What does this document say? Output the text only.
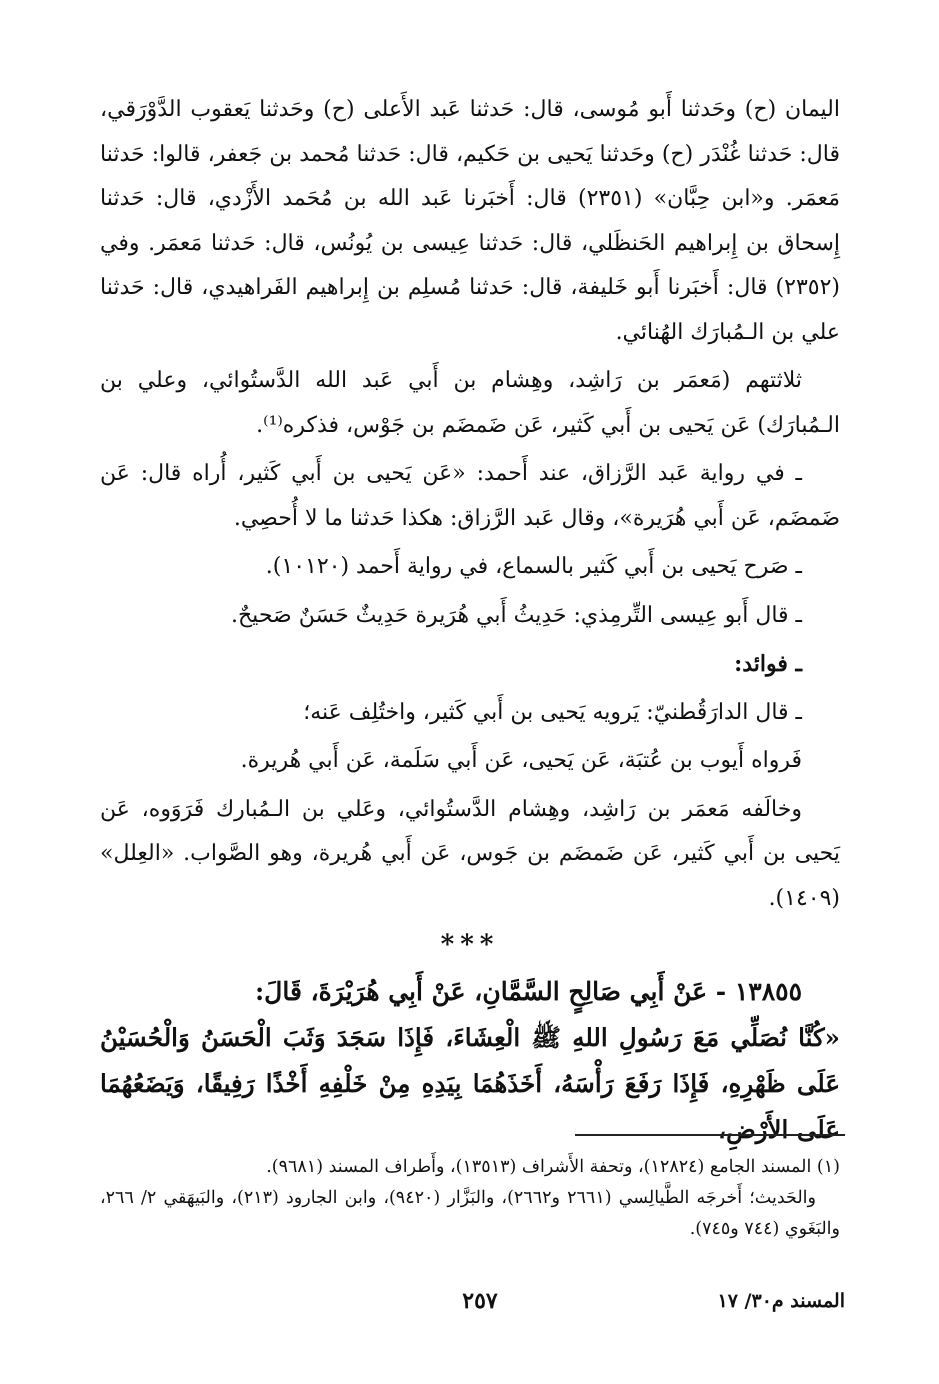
اليمان (ح) وحَدثنا أَبو مُوسى، قال: حَدثنا عَبد الأَعلى (ح) وحَدثنا يَعقوب الدَّوْرَقي، قال: حَدثنا غُنْدَر (ح) وحَدثنا يَحيى بن حَكيم، قال: حَدثنا مُحمد بن جَعفر، قالوا: حَدثنا مَعمَر. و«ابن حِبَّان» (٢٣٥١) قال: أَخبَرنا عَبد الله بن مُحَمد الأَزْدي، قال: حَدثنا إِسحاق بن إِبراهيم الحَنظَلي، قال: حَدثنا عِيسى بن يُونُس، قال: حَدثنا مَعمَر. وفي (٢٣٥٢) قال: أَخبَرنا أَبو خَليفة، قال: حَدثنا مُسلِم بن إِبراهيم الفَراهيدي، قال: حَدثنا علي بن الـمُبارَك الهُنائي.

ثلاثتهم (مَعمَر بن رَاشِد، وهِشام بن أَبي عَبد الله الدَّستُوائي، وعلي بن الـمُبارَك) عَن يَحيى بن أَبي كَثير، عَن ضَمضَم بن جَوْس، فذكره⁽¹⁾.

ـ في رواية عَبد الرَّزاق، عند أَحمد: «عَن يَحيى بن أَبي كَثير، أُراه قال: عَن ضَمضَم، عَن أَبي هُرَيرة»، وقال عَبد الرَّزاق: هكذا حَدثنا ما لا أُحصِي.

ـ صَرح يَحيى بن أَبي كَثير بالسماع، في رواية أَحمد (١٠١٢٠).

ـ قال أَبو عِيسى التِّرمِذي: حَدِيثُ أَبي هُرَيرة حَدِيثٌ حَسَنٌ صَحيحٌ.

ـ فوائد:

ـ قال الدارَقُطنيّ: يَرويه يَحيى بن أَبي كَثير، واختُلِف عَنه؛

فَرواه أَيوب بن عُتبَة، عَن يَحيى، عَن أَبي سَلَمة، عَن أَبي هُريرة.

وخالَفه مَعمَر بن رَاشِد، وهِشام الدَّستُوائي، وعَلي بن الـمُبارك فَرَوَوه، عَن يَحيى بن أَبي كَثير، عَن ضَمضَم بن جَوس، عَن أَبي هُريرة، وهو الصَّواب. «العِلل» (١٤٠٩).

***

١٣٨٥٥ - عَنْ أَبِي صَالِحٍ السَّمَّانِ، عَنْ أَبِي هُرَيْرَةَ، قَالَ:

«كُنَّا نُصَلِّي مَعَ رَسُولِ اللهِ ﷺ الْعِشَاءَ، فَإِذَا سَجَدَ وَثَبَ الْحَسَنُ وَالْحُسَيْنُ عَلَى ظَهْرِهِ، فَإِذَا رَفَعَ رَأْسَهُ، أَخَذَهُمَا بِيَدِهِ مِنْ خَلْفِهِ أَخْذًا رَفِيقًا، وَيَضَعُهُمَا عَلَى الأَرْضِ،

(١) المسند الجامع (١٢٨٢٤)، وتحفة الأَشراف (١٣٥١٣)، وأَطراف المسند (٩٦٨١).

والحَديث؛ أَخرجَه الطَّيالِسي (٢٦٦١ و٢٦٦٢)، والبَزَّار (٩٤٢٠)، وابن الجارود (٢١٣)، والبَيهَقي ٢/ ٢٦٦، والبَغَوي (٧٤٤ و٧٤٥).

المسند م٣٠/ ١٧
٢٥٧
